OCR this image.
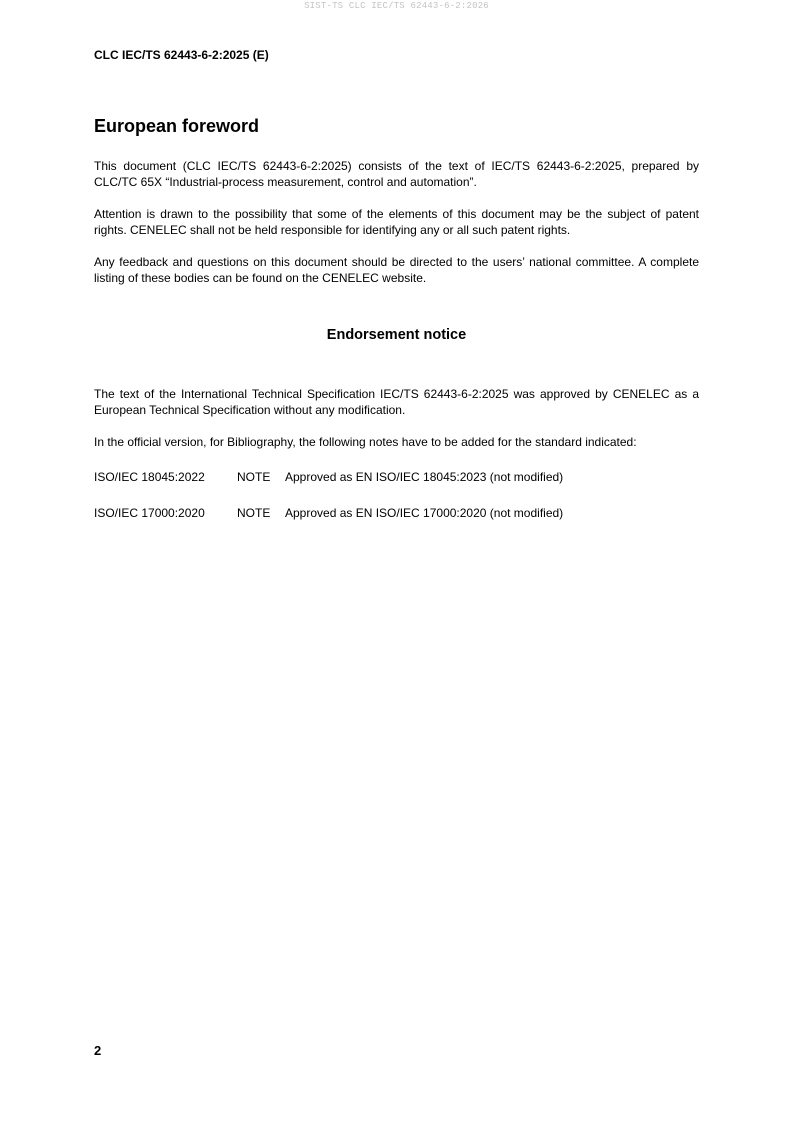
SIST-TS CLC IEC/TS 62443-6-2:2026
CLC IEC/TS 62443-6-2:2025 (E)
European foreword

This document (CLC IEC/TS 62443-6-2:2025) consists of the text of IEC/TS 62443-6-2:2025, prepared by CLC/TC 65X “Industrial-process measurement, control and automation”.

Attention is drawn to the possibility that some of the elements of this document may be the subject of patent rights. CENELEC shall not be held responsible for identifying any or all such patent rights.

Any feedback and questions on this document should be directed to the users’ national committee. A complete listing of these bodies can be found on the CENELEC website.

Endorsement notice

The text of the International Technical Specification IEC/TS 62443-6-2:2025 was approved by CENELEC as a European Technical Specification without any modification.

In the official version, for Bibliography, the following notes have to be added for the standard indicated:

ISO/IEC 18045:2022	NOTE Approved as EN ISO/IEC 18045:2023 (not modified)
ISO/IEC 17000:2020	NOTE Approved as EN ISO/IEC 17000:2020 (not modified)
2
